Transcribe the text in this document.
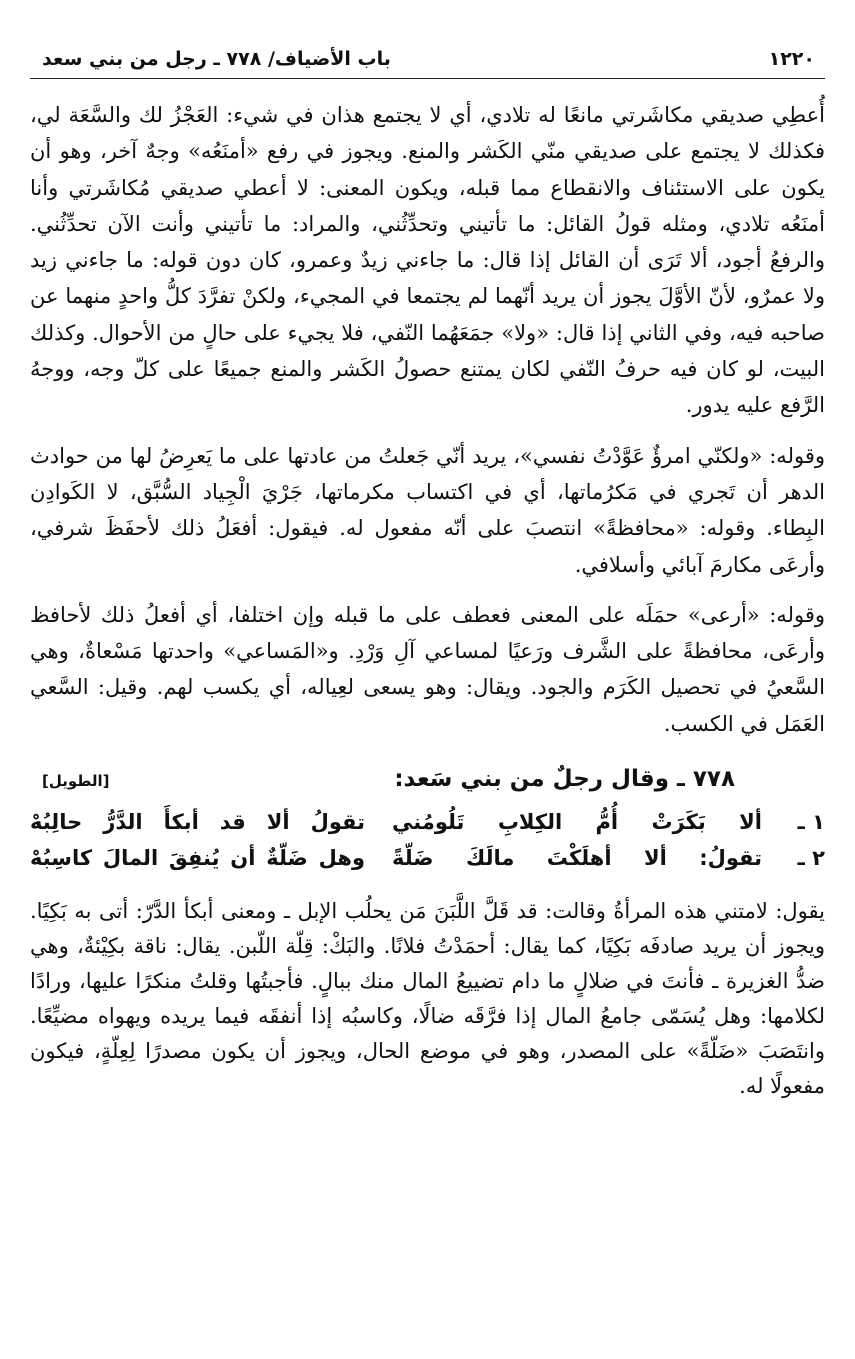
١٢٢٠
باب الأضياف/ ٧٧٨ ـ رجل من بني سعد

أُعطِي صديقي مكاشَرتي مانعًا له تلادي، أي لا يجتمع هذان في شيء: العَجْزُ لك والسَّعَة لي، فكذلك لا يجتمع على صديقي منّي الكَشر والمنع. ويجوز في رفع «أمنَعُه» وجهٌ آخر، وهو أن يكون على الاستئناف والانقطاع مما قبله، ويكون المعنى: لا أعطي صديقي مُكاشَرتي وأنا أمنَعُه تلادي، ومثله قولُ القائل: ما تأتيني وتحدِّثُني، والمراد: ما تأتيني وأنت الآن تحدِّثُني. والرفعُ أجود، ألا تَرَى أن القائل إذا قال: ما جاءني زيدٌ وعمرو، كان دون قوله: ما جاءني زيد ولا عمرٌو، لأنّ الأوَّلَ يجوز أن يريد أنّهما لم يجتمعا في المجيء، ولكنْ تفرَّدَ كلُّ واحدٍ منهما عن صاحبه فيه، وفي الثاني إذا قال: «ولا» جمَعَهُما النّفي، فلا يجيء على حالٍ من الأحوال. وكذلك البيت، لو كان فيه حرفُ النّفي لكان يمتنع حصولُ الكَشر والمنع جميعًا على كلّ وجه، ووجهُ الرَّفع عليه يدور.

وقوله: «ولكنّي امرؤٌ عَوَّدْتُ نفسي»، يريد أنّي جَعلتُ من عادتها على ما يَعرِضُ لها من حوادث الدهر أن تَجري في مَكرُماتها، أي في اكتساب مكرماتها، جَرْيَ الْجِياد السُّبَّق، لا الكَوادِن البِطاء. وقوله: «محافظةً» انتصبَ على أنّه مفعول له. فيقول: أفعَلُ ذلك لأحفَظَ شرفي، وأرعَى مكارمَ آبائي وأسلافي.

وقوله: «أرعى» حمَلَه على المعنى فعطف على ما قبله وإن اختلفا، أي أفعلُ ذلك لأحافظ وأرعَى، محافظةً على الشَّرف ورَعيًا لمساعي آلِ وَرْدِ. و«المَساعي» واحدتها مَسْعاةٌ، وهي السَّعيُ في تحصيل الكَرَم والجود. ويقال: وهو يسعى لعِياله، أي يكسب لهم. وقيل: السَّعي العَمَل في الكسب.

٧٧٨ ـ وقال رجلٌ من بني سَعد:
[الطويل]
١ ـ
ألا بَكَرَتْ أُمُّ الكِلابِ تَلُومُني
تقولُ ألا قد أبكأَ الدَّرُّ حالِبُهْ
٢ ـ
تقولُ: ألا أهلَكْتَ مالَكَ ضَلّةً
وهل ضَلّةٌ أن يُنفِقَ المالَ كاسِبُهْ

يقول: لامتني هذه المرأةُ وقالت: قد قَلَّ اللَّبَنَ مَن يحلُب الإبل ـ ومعنى أبكأ الدَّرّ: أتى به بَكِيًا. ويجوز أن يريد صادفَه بَكِيًا، كما يقال: أحمَدْتُ فلانًا. والبَكْ: قِلّة اللّبن. يقال: ناقة بكِيْئةٌ، وهي ضدُّ الغزيرة ـ فأنتَ في ضلالٍ ما دام تضييعُ المال منك ببالٍ. فأجبتُها وقلتُ منكرًا عليها، ورادًا لكلامها: وهل يُسَمّى جامعُ المال إذا فرَّقَه ضالًا، وكاسبُه إذا أنفقَه فيما يريده ويهواه مضيِّعًا. وانتَصَبَ «ضَلّةً» على المصدر، وهو في موضع الحال، ويجوز أن يكون مصدرًا لِعِلّةٍ، فيكون مفعولًا له.
